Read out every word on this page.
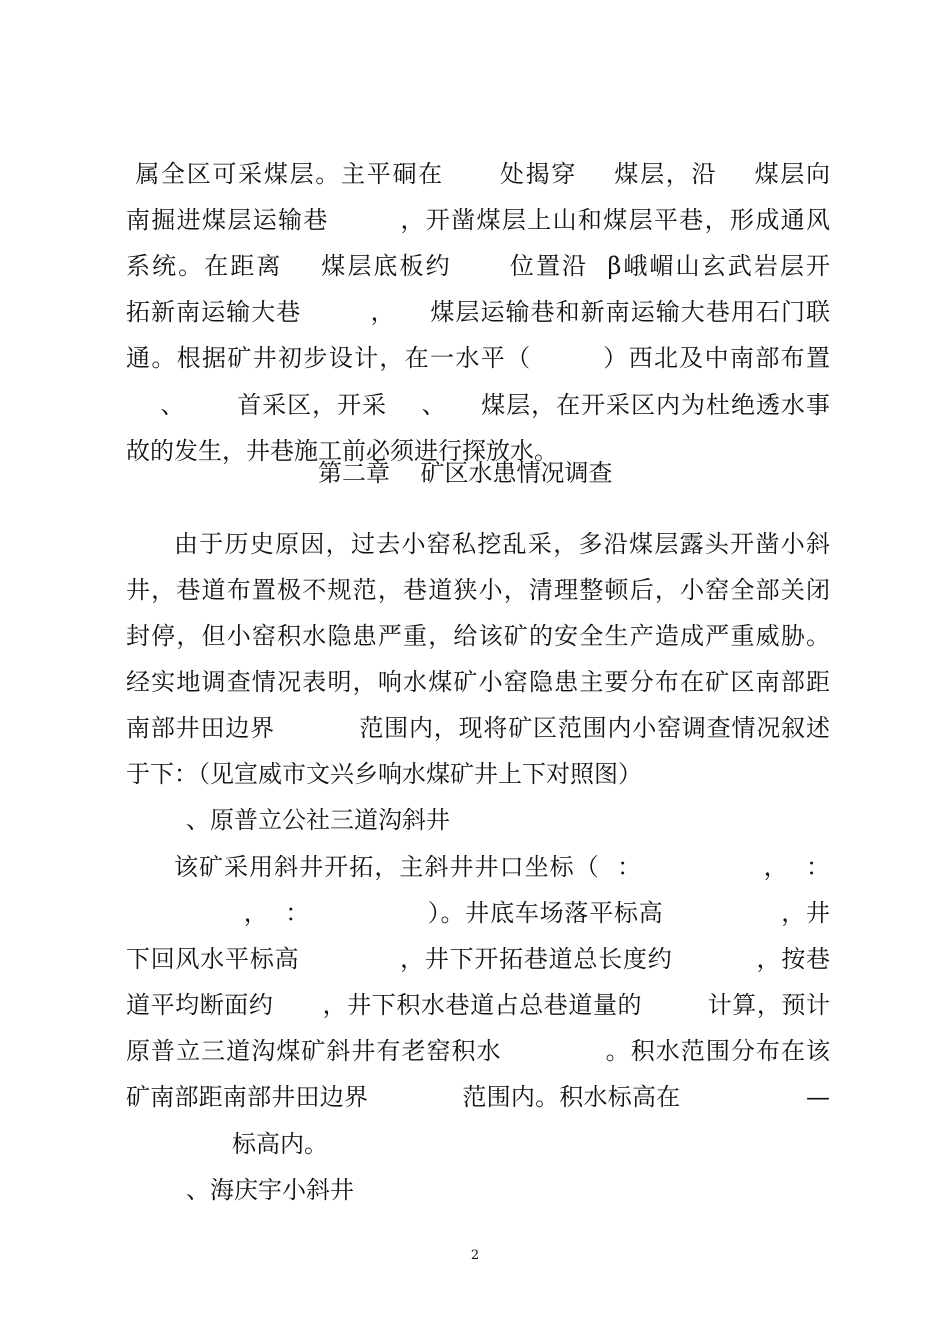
属全区可采煤层。主平硐在      处揭穿    煤层，沿    煤层向

南掘进煤层运输巷        ，开凿煤层上山和煤层平巷，形成通风

系统。在距离    煤层底板约      位置沿  β峨嵋山玄武岩层开

拓新南运输大巷        ，    煤层运输巷和新南运输大巷用石门联

通。根据矿井初步设计，在一水平（        ）西北及中南部布置

、      首采区，开采    、    煤层，在开采区内为杜绝透水事

故的发生，井巷施工前必须进行探放水。

第二章    矿区水患情况调查

由于历史原因，过去小窑私挖乱采，多沿煤层露头开凿小斜

井，巷道布置极不规范，巷道狭小，清理整顿后，小窑全部关闭

封停，但小窑积水隐患严重，给该矿的安全生产造成严重威胁。

经实地调查情况表明，响水煤矿小窑隐患主要分布在矿区南部距

南部井田边界          范围内，现将矿区范围内小窑调查情况叙述

于下：（见宣威市文兴乡响水煤矿井上下对照图）

、原普立公社三道沟斜井

该矿采用斜井开拓，主斜井井口坐标（  ：              ，  ：

，  ：              ）。井底车场落平标高              ，井

下回风水平标高            ，井下开拓巷道总长度约          ，按巷

道平均断面约      ，井下积水巷道占总巷道量的        计算，预计

原普立三道沟煤矿斜井有老窑积水            。积水范围分布在该

矿南部距南部井田边界            范围内。积水标高在                —

标高内。

、海庆宇小斜井

2
